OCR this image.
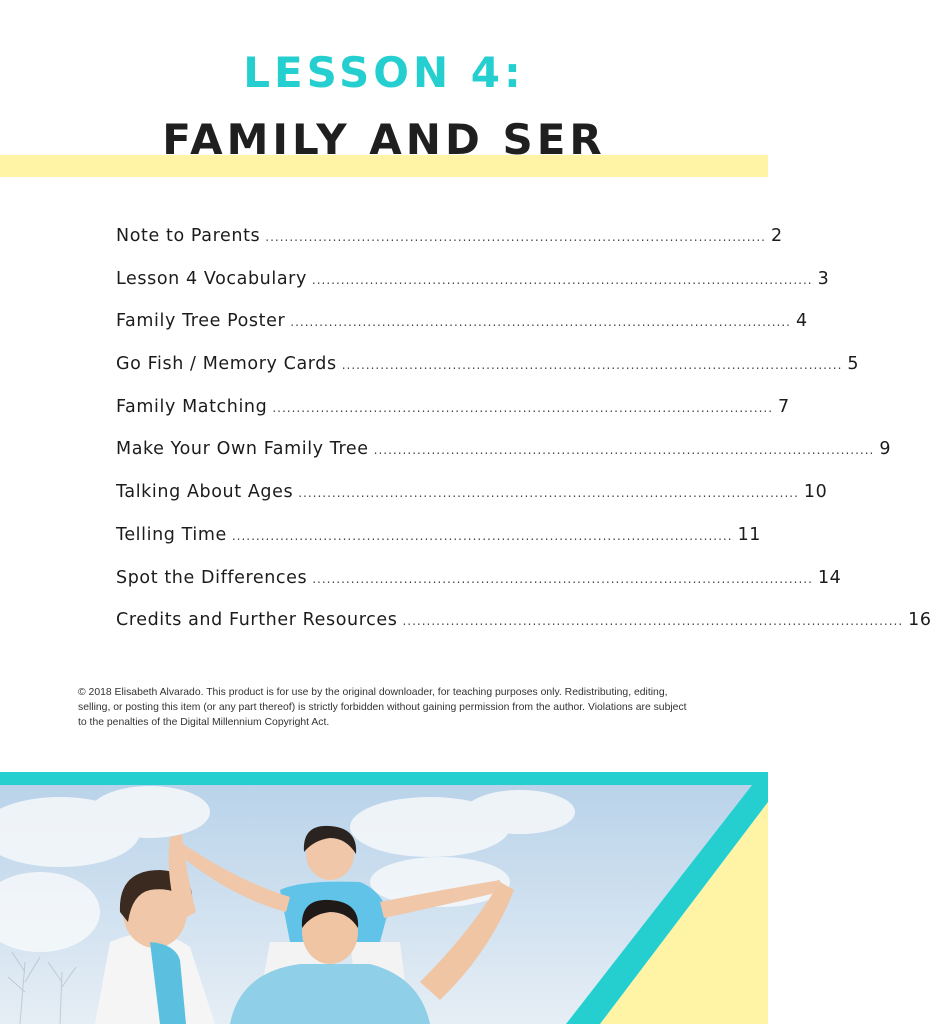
LESSON 4:
FAMILY AND SER
Note to Parents ........................................................................................................ 2
Lesson 4 Vocabulary ........................................................................................................ 3
Family Tree Poster ........................................................................................................ 4
Go Fish / Memory Cards ........................................................................................................ 5
Family Matching ........................................................................................................ 7
Make Your Own Family Tree ........................................................................................................ 9
Talking About Ages ........................................................................................................ 10
Telling Time ........................................................................................................ 11
Spot the Differences ........................................................................................................ 14
Credits and Further Resources ........................................................................................................ 16
© 2018 Elisabeth Alvarado. This product is for use by the original downloader, for teaching purposes only. Redistributing, editing, selling, or posting this item (or any part thereof) is strictly forbidden without gaining permission from the author. Violations are subject to the penalties of the Digital Millennium Copyright Act.
